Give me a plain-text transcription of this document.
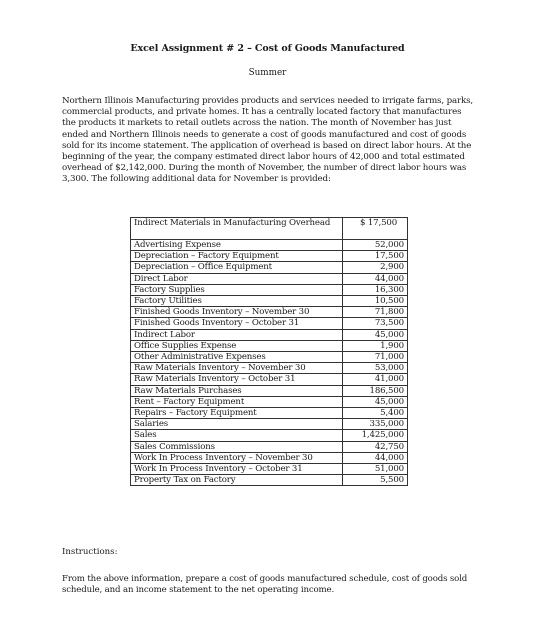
Excel Assignment # 2 – Cost of Goods Manufactured
Summer

Northern Illinois Manufacturing provides products and services needed to irrigate farms, parks, commercial products, and private homes. It has a centrally located factory that manufactures the products it markets to retail outlets across the nation. The month of November has just ended and Northern Illinois needs to generate a cost of goods manufactured and cost of goods sold for its income statement. The application of overhead is based on direct labor hours. At the beginning of the year, the company estimated direct labor hours of 42,000 and total estimated overhead of $2,142,000. During the month of November, the number of direct labor hours was 3,300. The following additional data for November is provided:

Indirect Materials in Manufacturing Overhead	$ 17,500
Advertising Expense	52,000
Depreciation – Factory Equipment	17,500
Depreciation – Office Equipment	2,900
Direct Labor	44,000
Factory Supplies	16,300
Factory Utilities	10,500
Finished Goods Inventory – November 30	71,800
Finished Goods Inventory – October 31	73,500
Indirect Labor	45,000
Office Supplies Expense	1,900
Other Administrative Expenses	71,000
Raw Materials Inventory – November 30	53,000
Raw Materials Inventory – October 31	41,000
Raw Materials Purchases	186,500
Rent – Factory Equipment	45,000
Repairs – Factory Equipment	5,400
Salaries	335,000
Sales	1,425,000
Sales Commissions	42,750
Work In Process Inventory – November 30	44,000
Work In Process Inventory – October 31	51,000
Property Tax on Factory	5,500
Instructions:

From the above information, prepare a cost of goods manufactured schedule, cost of goods sold schedule, and an income statement to the net operating income.
